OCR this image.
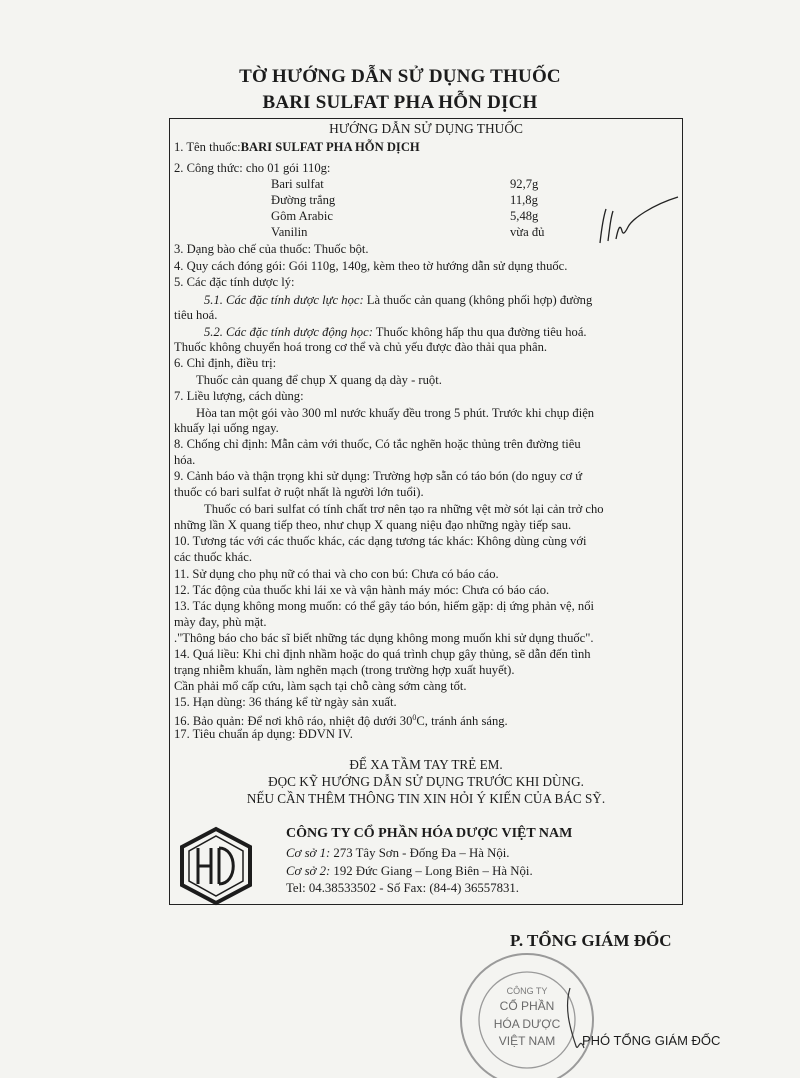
TỜ HƯỚNG DẪN SỬ DỤNG THUỐC
BARI SULFAT PHA HỖN DỊCH
HƯỚNG DẪN SỬ DỤNG THUỐC
1. Tên thuốc:BARI SULFAT PHA HỖN DỊCH
2. Công thức: cho 01 gói 110g:
Bari sulfat	92,7g
Đường trắng	11,8g
Gôm Arabic	5,48g
Vanilin	vừa đủ
3. Dạng bào chế của thuốc: Thuốc bột.
4. Quy cách đóng gói: Gói 110g, 140g, kèm theo tờ hướng dẫn sử dụng thuốc.
5. Các đặc tính dược lý:
5.1. Các đặc tính dược lực học: Là thuốc cản quang (không phối hợp) đường
tiêu hoá.
5.2. Các đặc tính dược động học: Thuốc không hấp thu qua đường tiêu hoá.
Thuốc không chuyển hoá trong cơ thể và chủ yếu được đào thải qua phân.
6. Chỉ định, điều trị:
Thuốc cản quang để chụp X quang dạ dày - ruột.
7. Liều lượng, cách dùng:
Hòa tan một gói vào 300 ml nước khuấy đều trong 5 phút. Trước khi chụp điện
khuấy lại uống ngay.
8. Chống chỉ định: Mẫn cảm với thuốc, Có tắc nghẽn hoặc thủng trên đường tiêu
hóa.
9. Cảnh báo và thận trọng khi sử dụng: Trường hợp sẵn có táo bón (do nguy cơ ứ
thuốc có bari sulfat ở ruột nhất là người lớn tuổi).
Thuốc có bari sulfat có tính chất trơ nên tạo ra những vệt mờ sót lại cản trở cho
những lần X quang tiếp theo, như chụp X quang niệu đạo những ngày tiếp sau.
10. Tương tác với các thuốc khác, các dạng tương tác khác: Không dùng cùng với
các thuốc khác.
11. Sử dụng cho phụ nữ có thai và cho con bú: Chưa có báo cáo.
12. Tác động của thuốc khi lái xe và vận hành máy móc: Chưa có báo cáo.
13. Tác dụng không mong muốn: có thể gây táo bón, hiếm gặp: dị ứng phản vệ, nổi
mày đay, phù mặt.
."Thông báo cho bác sĩ biết những tác dụng không mong muốn khi sử dụng thuốc".
14. Quá liều: Khi chỉ định nhầm hoặc do quá trình chụp gây thủng, sẽ dẫn đến tình
trạng nhiễm khuẩn, làm nghẽn mạch (trong trường hợp xuất huyết).
Cần phải mổ cấp cứu, làm sạch tại chỗ càng sớm càng tốt.
15. Hạn dùng: 36 tháng kể từ ngày sản xuất.
16. Bảo quản: Để nơi khô ráo, nhiệt độ dưới $30^0C$, tránh ánh sáng.
17. Tiêu chuẩn áp dụng: ĐDVN IV.
ĐỂ XA TẦM TAY TRẺ EM.
ĐỌC KỸ HƯỚNG DẪN SỬ DỤNG TRƯỚC KHI DÙNG.
NẾU CẦN THÊM THÔNG TIN XIN HỎI Ý KIẾN CỦA BÁC SỸ.
CÔNG TY CỔ PHẦN HÓA DƯỢC VIỆT NAM
Cơ sở 1: 273 Tây Sơn - Đống Đa – Hà Nội.
Cơ sở 2: 192 Đức Giang – Long Biên – Hà Nội.
Tel: 04.38533502 - Số Fax: (84-4) 36557831.
P. TỔNG GIÁM ĐỐC
CÔNG TY
CỔ PHẦN
HÓA DƯỢC
VIỆT NAM PHÓ TỔNG GIÁM ĐỐC
